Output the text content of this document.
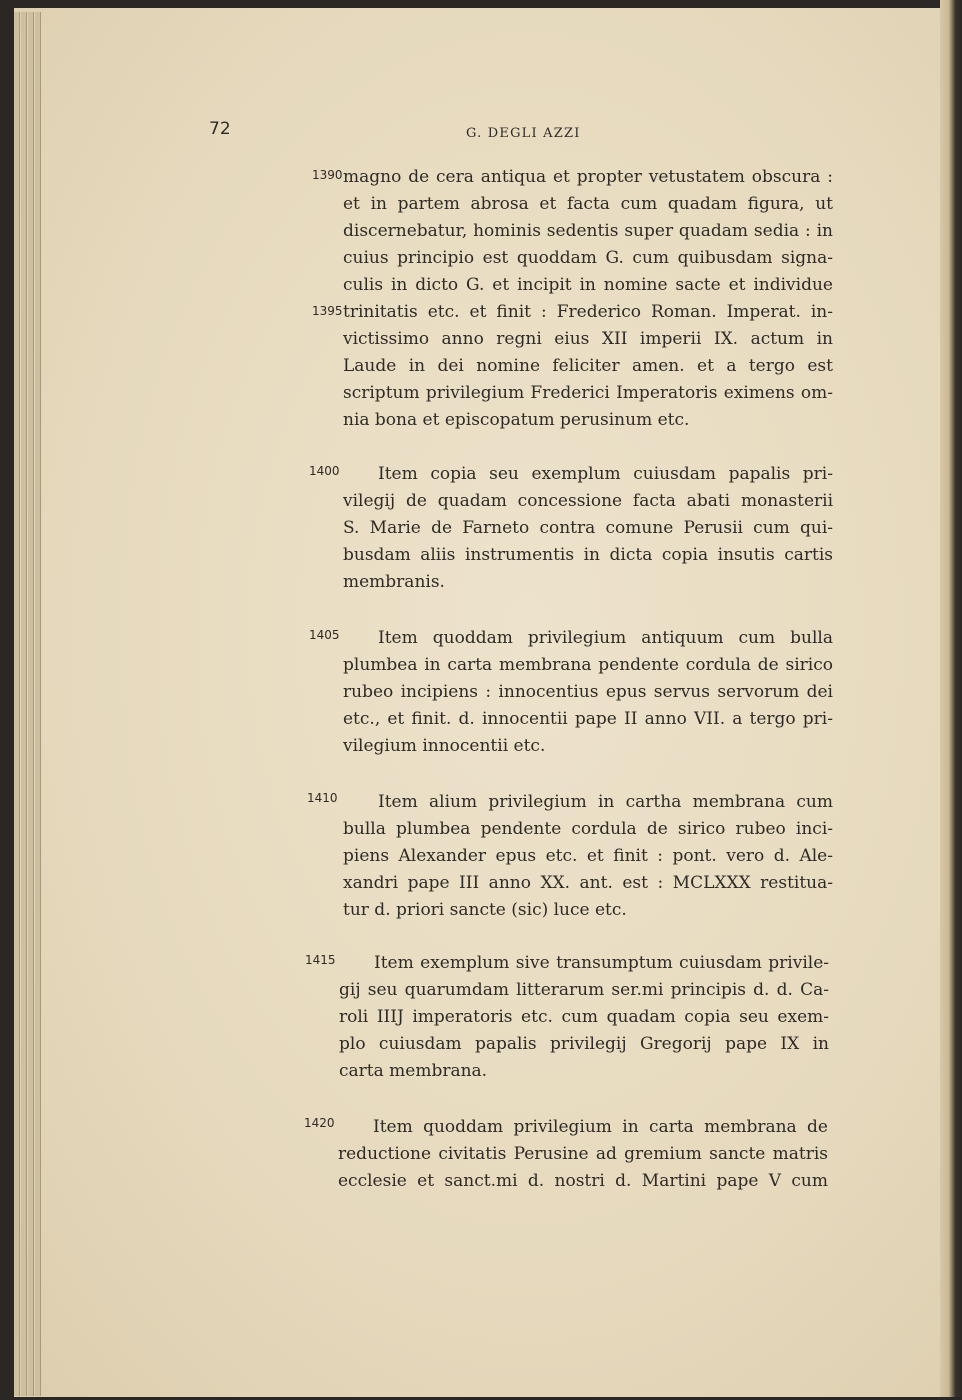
72	G. DEGLI AZZI
1390
1395
1400
1405
1410
1415
1420
magno de cera antiqua et propter vetustatem obscura :
et in partem abrosa et facta cum quadam figura, ut
discernebatur, hominis sedentis super quadam sedia : in
cuius principio est quoddam G. cum quibusdam signa-
culis in dicto G. et incipit in nomine sacte et individue
trinitatis etc. et finit : Frederico Roman. Imperat. in-
victissimo anno regni eius XII imperii IX. actum in
Laude in dei nomine feliciter amen. et a tergo est
scriptum privilegium Frederici Imperatoris eximens om-
nia bona et episcopatum perusinum etc.
Item copia seu exemplum cuiusdam papalis pri-
vilegij de quadam concessione facta abati monasterii
S. Marie de Farneto contra comune Perusii cum qui-
busdam aliis instrumentis in dicta copia insutis cartis
membranis.
Item quoddam privilegium antiquum cum bulla
plumbea in carta membrana pendente cordula de sirico
rubeo incipiens : innocentius epus servus servorum dei
etc., et finit. d. innocentii pape II anno VII. a tergo pri-
vilegium innocentii etc.
Item alium privilegium in cartha membrana cum
bulla plumbea pendente cordula de sirico rubeo inci-
piens Alexander epus etc. et finit : pont. vero d. Ale-
xandri pape III anno XX. ant. est : MCLXXX restitua-
tur d. priori sancte (sic) luce etc.
Item exemplum sive transumptum cuiusdam privile-
gij seu quarumdam litterarum ser.mi principis d. d. Ca-
roli IIIJ imperatoris etc. cum quadam copia seu exem-
plo cuiusdam papalis privilegij Gregorij pape IX in
carta membrana.
Item quoddam privilegium in carta membrana de
reductione civitatis Perusine ad gremium sancte matris
ecclesie et sanct.mi d. nostri d. Martini pape V cum
